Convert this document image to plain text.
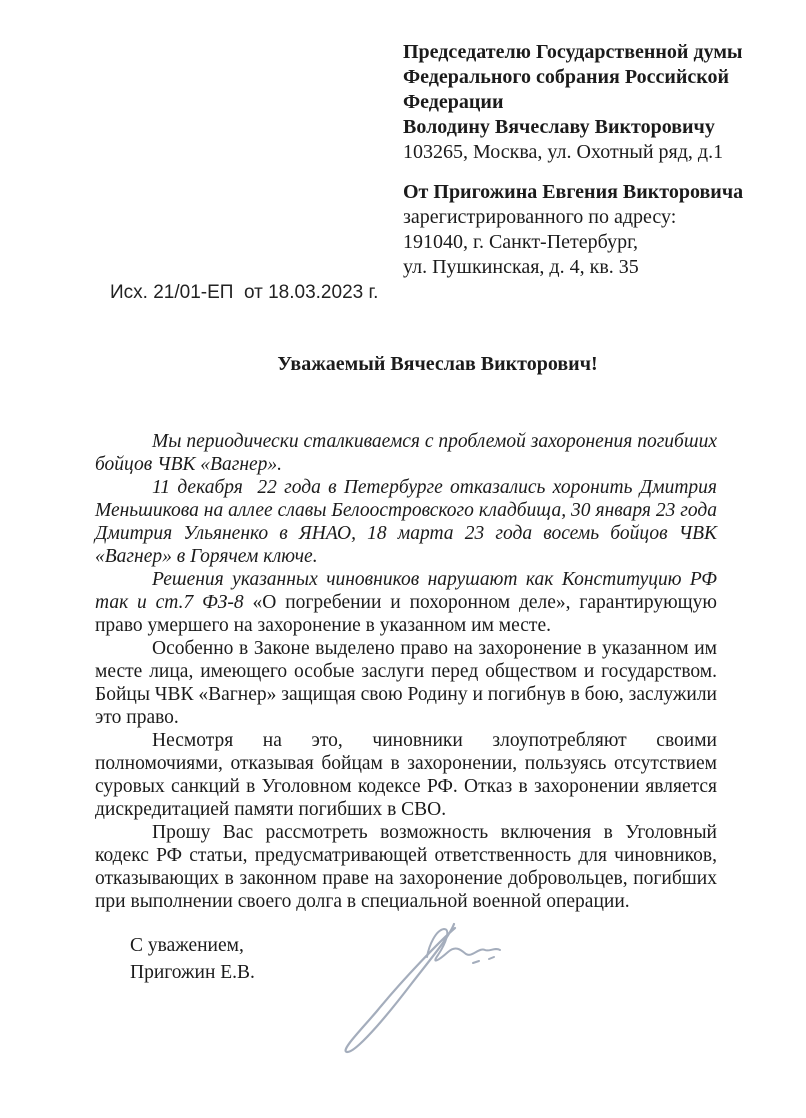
Председателю Государственной думы
Федерального собрания Российской
Федерации
Володину Вячеславу Викторовичу
103265, Москва, ул. Охотный ряд, д.1
От Пригожина Евгения Викторовича
зарегистрированного по адресу:
191040, г. Санкт-Петербург,
ул. Пушкинская, д. 4, кв. 35
Исх. 21/01-ЕП  от 18.03.2023 г.
Уважаемый Вячеслав Викторович!

Мы периодически сталкиваемся с проблемой захоронения погибших бойцов ЧВК «Вагнер».

11 декабря  22 года в Петербурге отказались хоронить Дмитрия Меньшикова на аллее славы Белоостровского кладбища, 30 января 23 года Дмитрия Ульяненко в ЯНАО, 18 марта 23 года восемь бойцов ЧВК «Вагнер» в Горячем ключе.

Решения указанных чиновников нарушают как Конституцию РФ так и ст.7 ФЗ-8 «О погребении и похоронном деле», гарантирующую право умершего на захоронение в указанном им месте.

Особенно в Законе выделено право на захоронение в указанном им месте лица, имеющего особые заслуги перед обществом и государством. Бойцы ЧВК «Вагнер» защищая свою Родину и погибнув в бою, заслужили это право.

Несмотря на это, чиновники злоупотребляют своими полномочиями, отказывая бойцам в захоронении, пользуясь отсутствием суровых санкций в Уголовном кодексе РФ. Отказ в захоронении является дискредитацией памяти погибших в СВО.

Прошу Вас рассмотреть возможность включения в Уголовный кодекс РФ статьи, предусматривающей ответственность для чиновников, отказывающих в законном праве на захоронение добровольцев, погибших при выполнении своего долга в специальной военной операции.

С уважением,
Пригожин Е.В.
